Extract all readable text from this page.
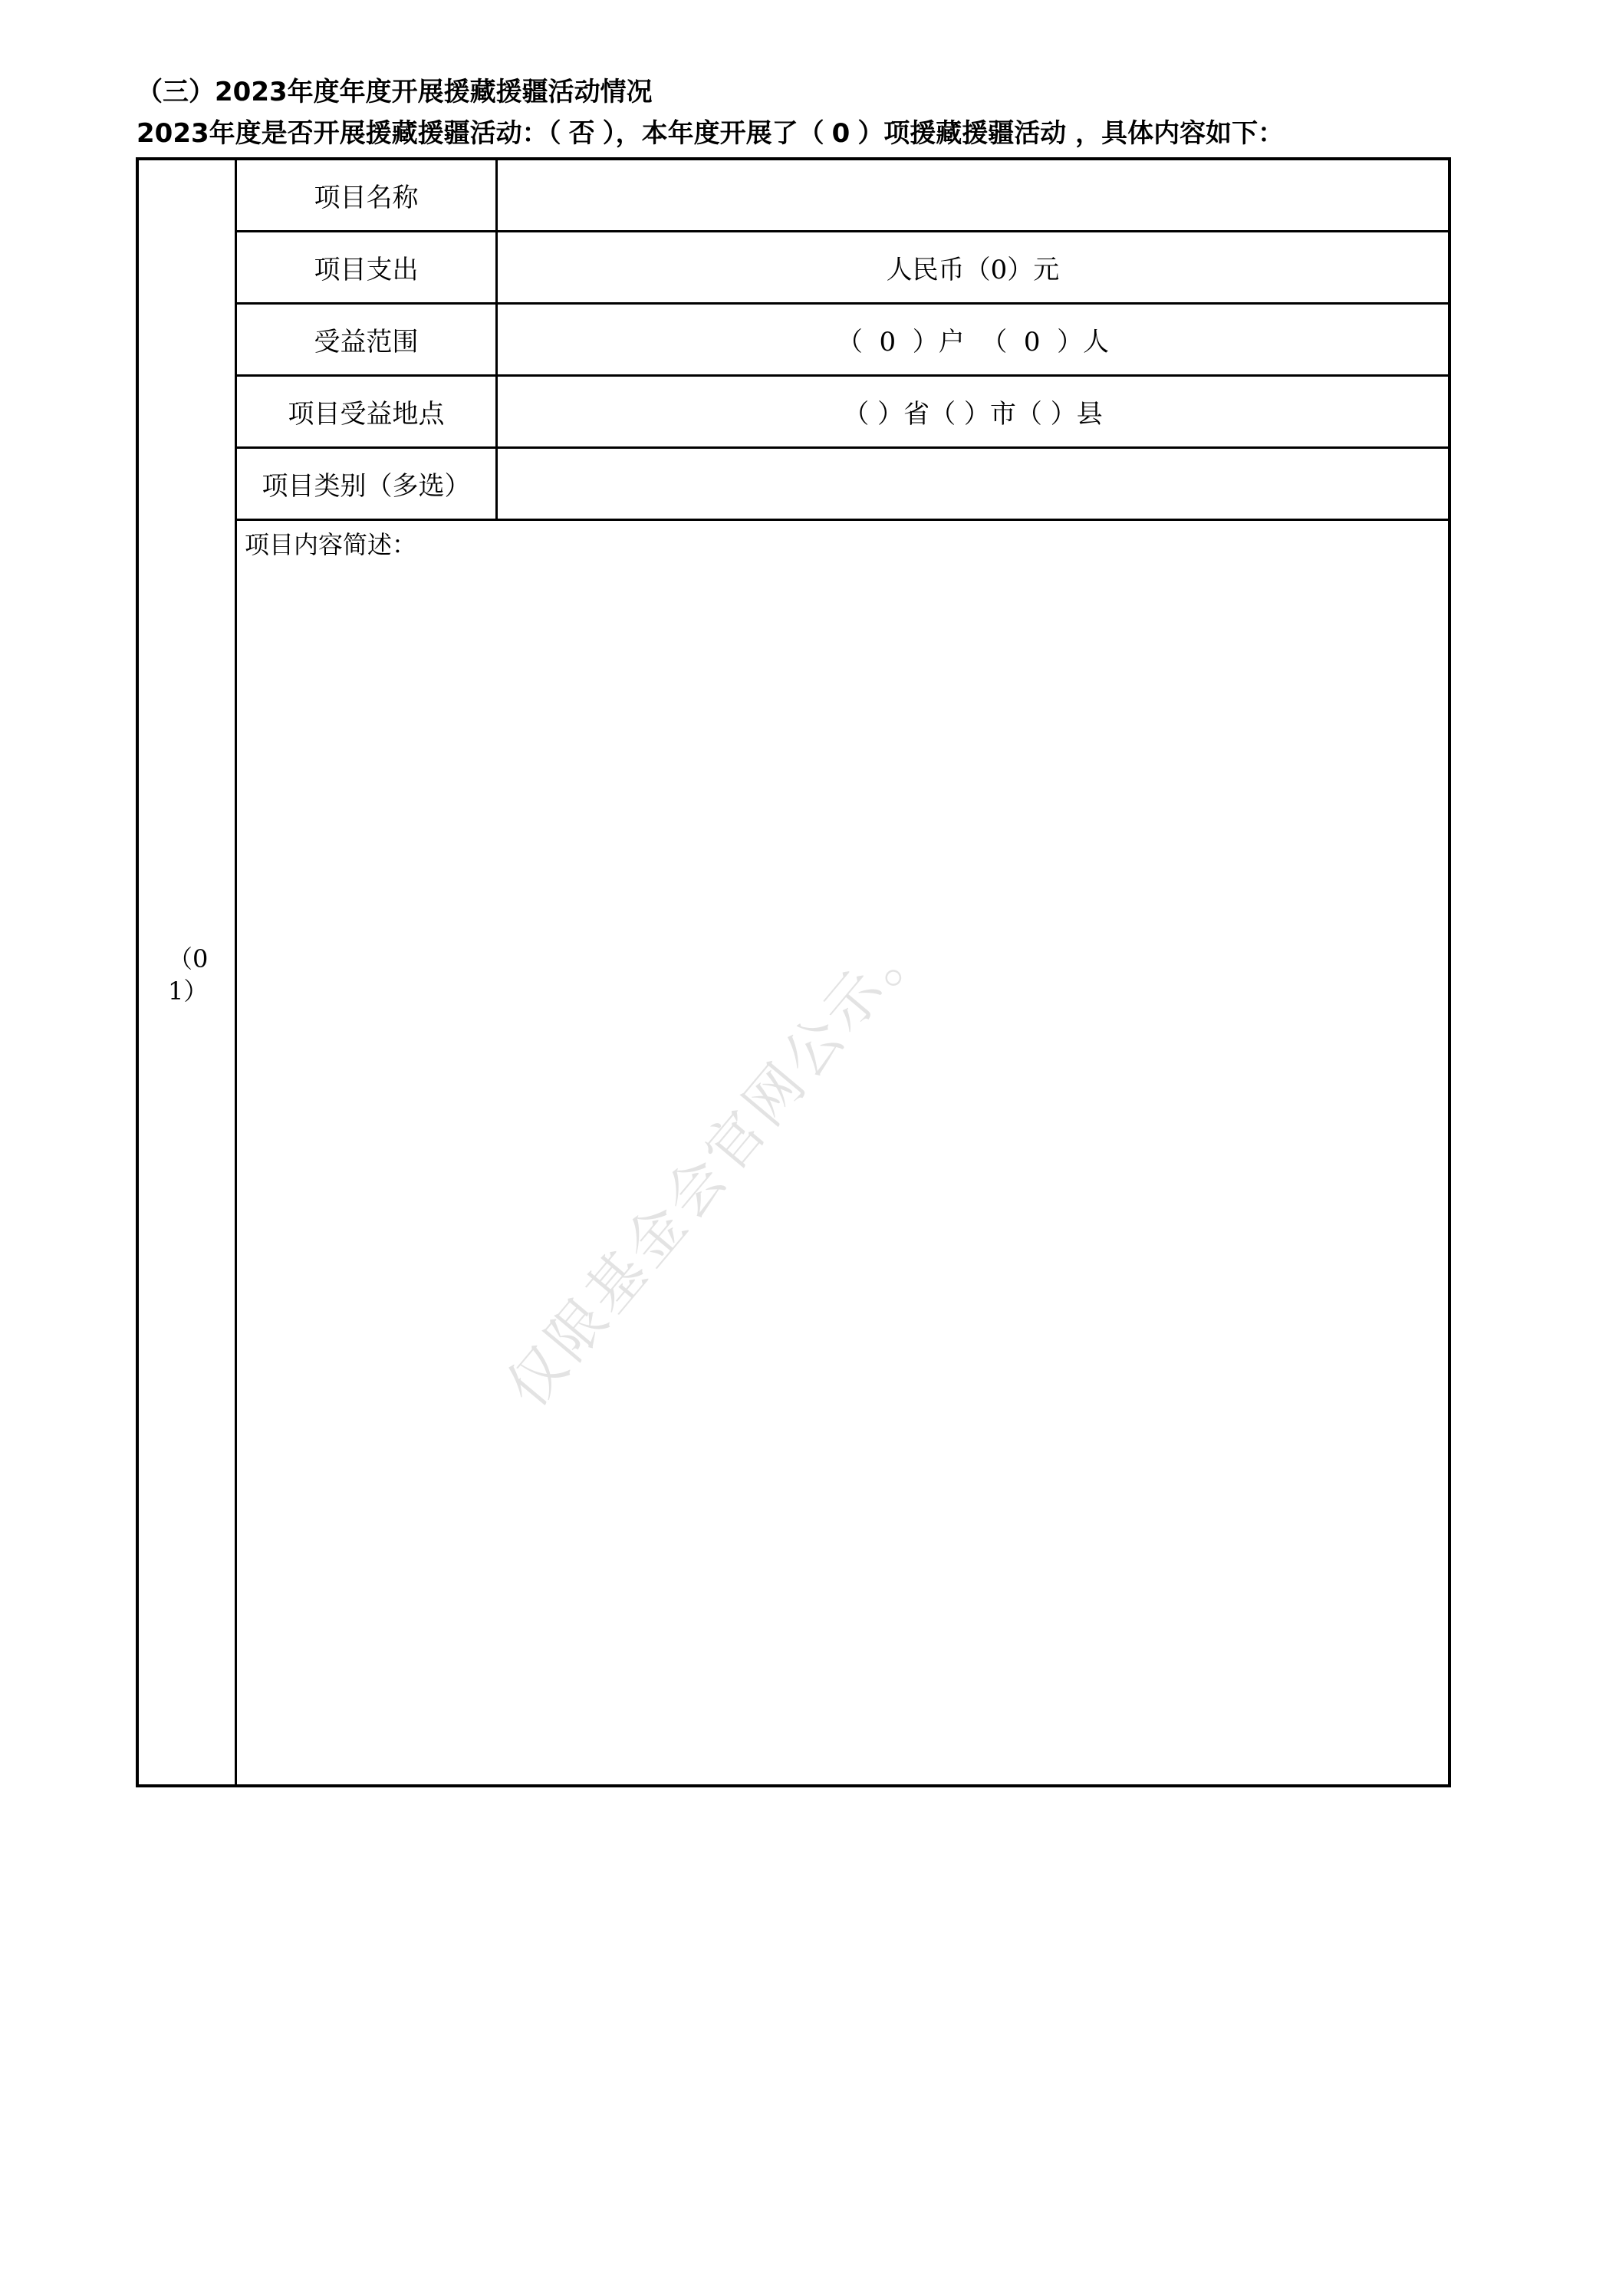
（三）2023年度年度开展援藏援疆活动情况
2023年度是否开展援藏援疆活动：（ 否 ），本年度开展了（ 0 ）项援藏援疆活动 ，具体内容如下：
（01）
项目名称
项目支出	人民币（0）元
受益范围	（  0  ）户  （  0  ）人
项目受益地点	（ ）省（ ）市（ ）县
项目类别（多选）
项目内容简述：
仅限基金会官网公示。
